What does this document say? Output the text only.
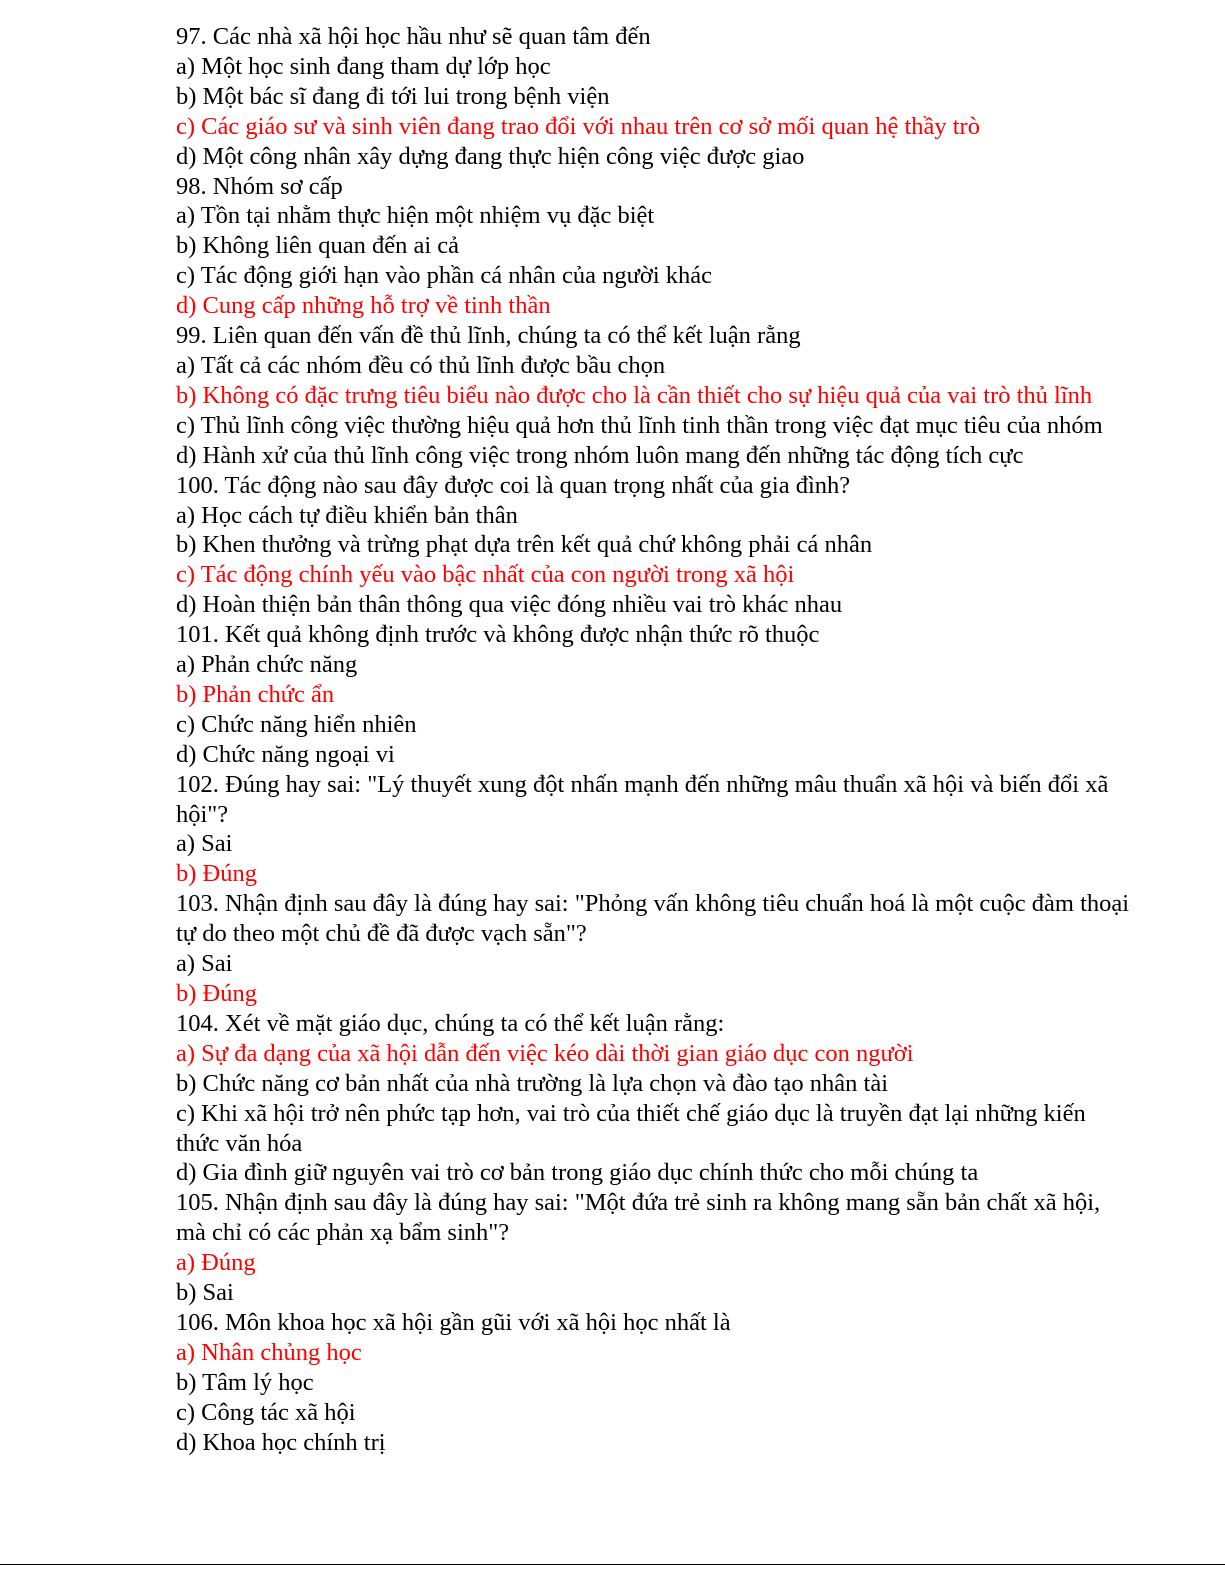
97. Các nhà xã hội học hầu như sẽ quan tâm đến

a) Một học sinh đang tham dự lớp học

b) Một bác sĩ đang đi tới lui trong bệnh viện

c) Các giáo sư và sinh viên đang trao đổi với nhau trên cơ sở mối quan hệ thầy trò

d) Một công nhân xây dựng đang thực hiện công việc được giao

98. Nhóm sơ cấp

a) Tồn tại nhằm thực hiện một nhiệm vụ đặc biệt

b) Không liên quan đến ai cả

c) Tác động giới hạn vào phần cá nhân của người khác

d) Cung cấp những hỗ trợ về tinh thần

99. Liên quan đến vấn đề thủ lĩnh, chúng ta có thể kết luận rằng

a) Tất cả các nhóm đều có thủ lĩnh được bầu chọn

b) Không có đặc trưng tiêu biểu nào được cho là cần thiết cho sự hiệu quả của vai trò thủ lĩnh

c) Thủ lĩnh công việc thường hiệu quả hơn thủ lĩnh tinh thần trong việc đạt mục tiêu của nhóm

d) Hành xử của thủ lĩnh công việc trong nhóm luôn mang đến những tác động tích cực

100. Tác động nào sau đây được coi là quan trọng nhất của gia đình?

a) Học cách tự điều khiển bản thân

b) Khen thưởng và trừng phạt dựa trên kết quả chứ không phải cá nhân

c) Tác động chính yếu vào bậc nhất của con người trong xã hội

d) Hoàn thiện bản thân thông qua việc đóng nhiều vai trò khác nhau

101. Kết quả không định trước và không được nhận thức rõ thuộc

a) Phản chức năng

b) Phản chức ẩn

c) Chức năng hiển nhiên

d) Chức năng ngoại vi

102. Đúng hay sai: "Lý thuyết xung đột nhấn mạnh đến những mâu thuẩn xã hội và biến đổi xã hội"?

a) Sai

b) Đúng

103. Nhận định sau đây là đúng hay sai: "Phỏng vấn không tiêu chuẩn hoá là một cuộc đàm thoại tự do theo một chủ đề đã được vạch sẵn"?

a) Sai

b) Đúng

104. Xét về mặt giáo dục, chúng ta có thể kết luận rằng:

a) Sự đa dạng của xã hội dẫn đến việc kéo dài thời gian giáo dục con người

b) Chức năng cơ bản nhất của nhà trường là lựa chọn và đào tạo nhân tài

c) Khi xã hội trở nên phức tạp hơn, vai trò của thiết chế giáo dục là truyền đạt lại những kiến thức văn hóa

d) Gia đình giữ nguyên vai trò cơ bản trong giáo dục chính thức cho mỗi chúng ta

105. Nhận định sau đây là đúng hay sai: "Một đứa trẻ sinh ra không mang sẵn bản chất xã hội, mà chỉ có các phản xạ bẩm sinh"?

a) Đúng

b) Sai

106. Môn khoa học xã hội gần gũi với xã hội học nhất là

a) Nhân chủng học

b) Tâm lý học

c) Công tác xã hội

d) Khoa học chính trị
